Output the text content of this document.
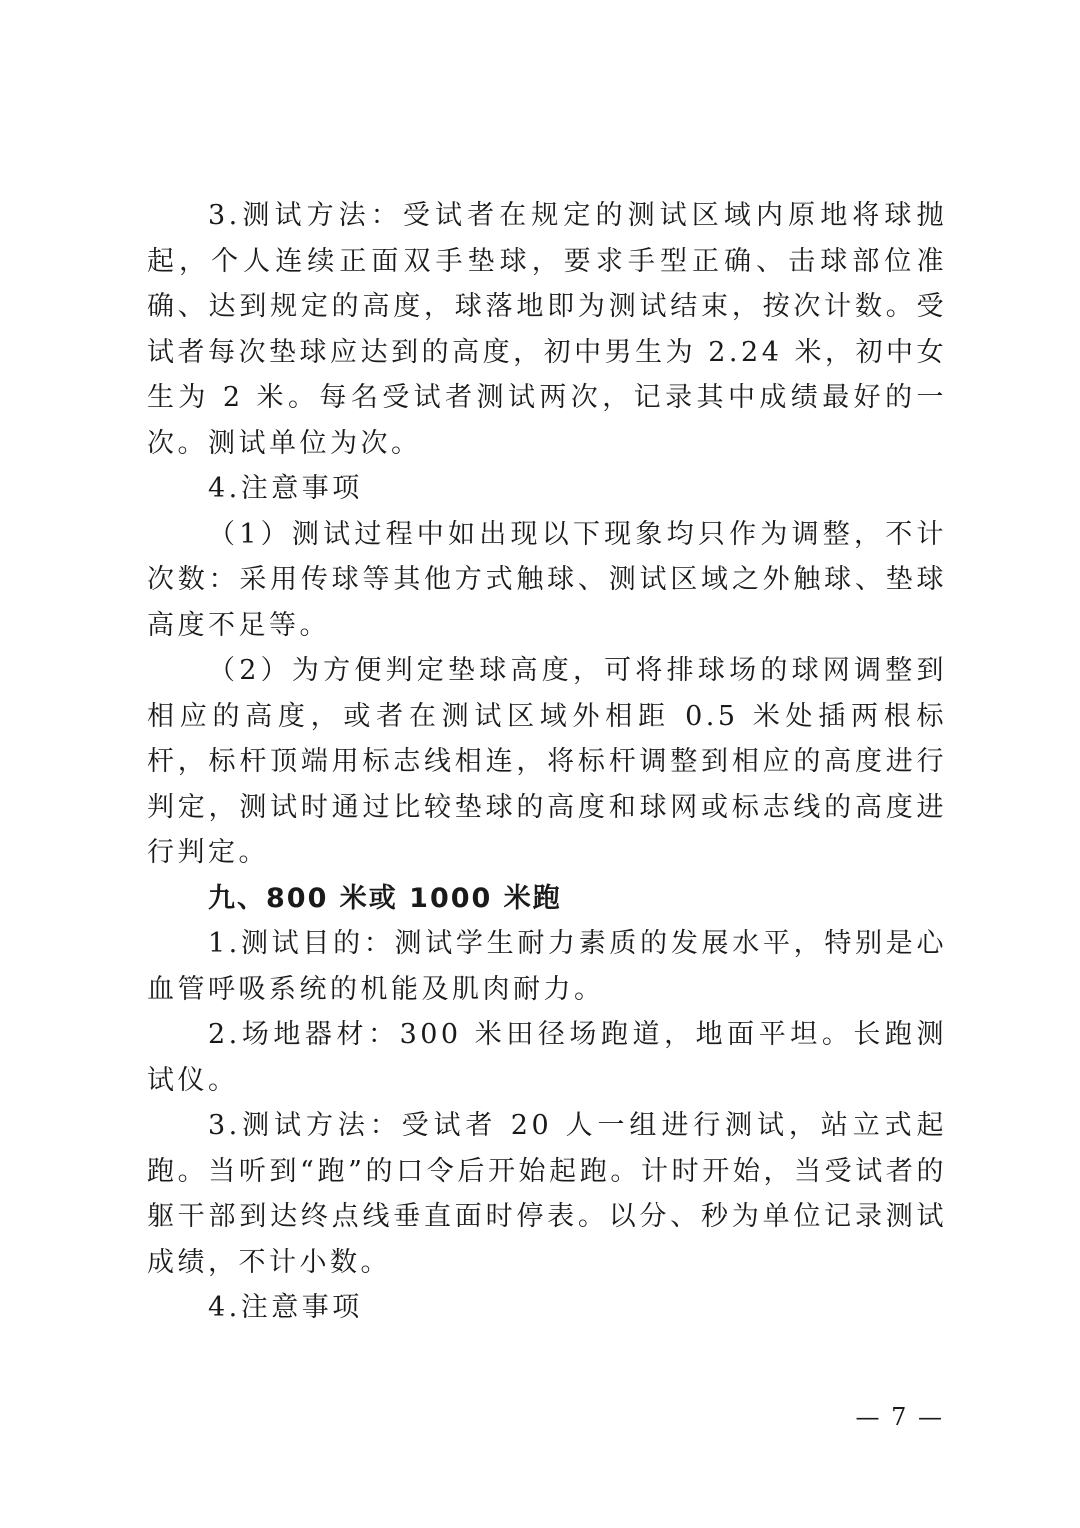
3.测试方法：受试者在规定的测试区域内原地将球抛起，个人连续正面双手垫球，要求手型正确、击球部位准确、达到规定的高度，球落地即为测试结束，按次计数。受试者每次垫球应达到的高度，初中男生为 2.24 米，初中女生为 2 米。每名受试者测试两次，记录其中成绩最好的一次。测试单位为次。

4.注意事项

（1）测试过程中如出现以下现象均只作为调整，不计次数：采用传球等其他方式触球、测试区域之外触球、垫球高度不足等。

（2）为方便判定垫球高度，可将排球场的球网调整到相应的高度，或者在测试区域外相距 0.5 米处插两根标杆，标杆顶端用标志线相连，将标杆调整到相应的高度进行判定，测试时通过比较垫球的高度和球网或标志线的高度进行判定。

九、800 米或 1000 米跑

1.测试目的：测试学生耐力素质的发展水平，特别是心血管呼吸系统的机能及肌肉耐力。

2.场地器材：300 米田径场跑道，地面平坦。长跑测试仪。

3.测试方法：受试者 20 人一组进行测试，站立式起跑。当听到“跑”的口令后开始起跑。计时开始，当受试者的躯干部到达终点线垂直面时停表。以分、秒为单位记录测试成绩，不计小数。

4.注意事项

— 7 —
